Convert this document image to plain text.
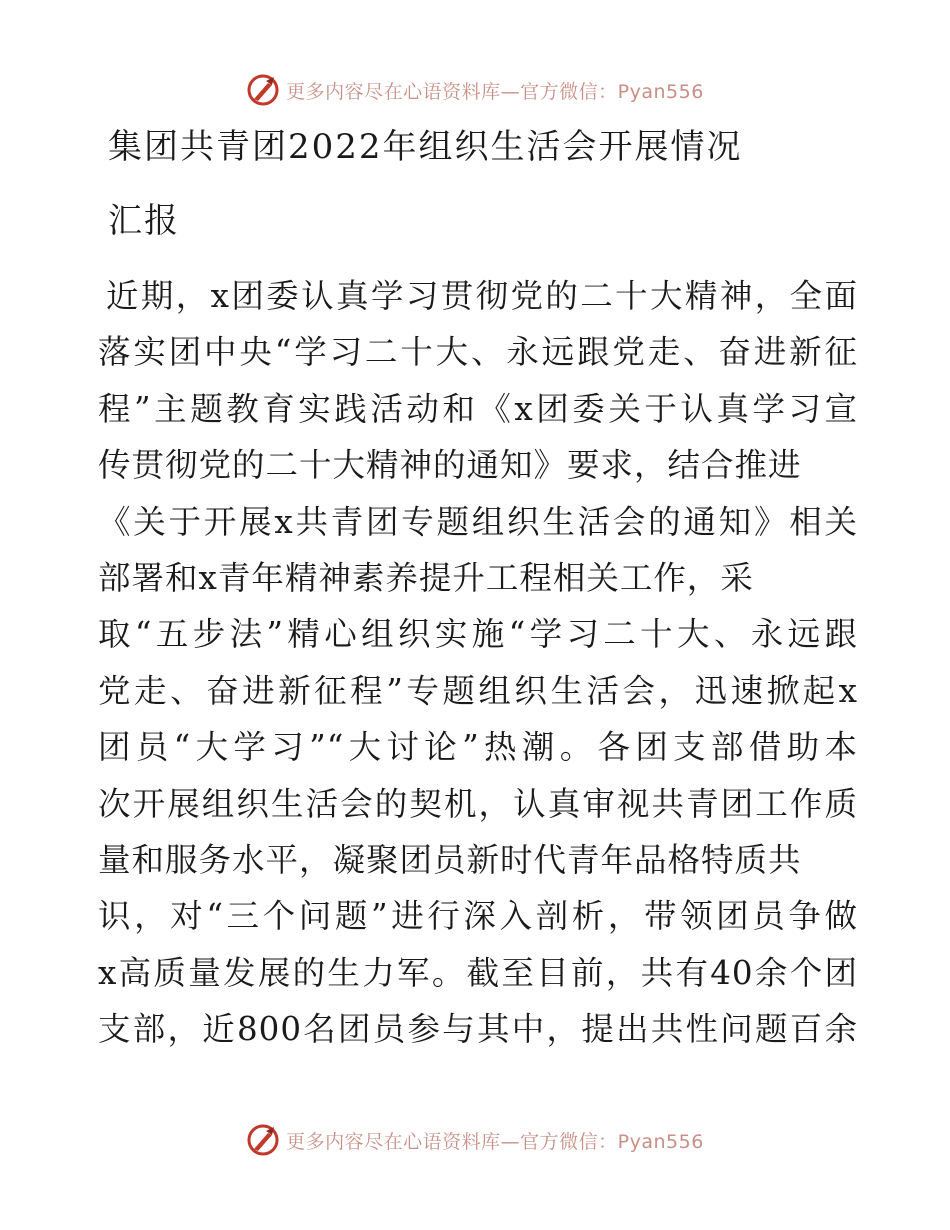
更多内容尽在心语资料库—官方微信：Pyan556
集团共青团2022年组织生活会开展情况
汇报
近期，x团委认真学习贯彻党的二十大精神，全面
落实团中央“学习二十大、永远跟党走、奋进新征
程”主题教育实践活动和《x团委关于认真学习宣
传贯彻党的二十大精神的通知》要求，结合推进
《关于开展x共青团专题组织生活会的通知》相关
部署和x青年精神素养提升工程相关工作，采
取“五步法”精心组织实施“学习二十大、永远跟
党走、奋进新征程”专题组织生活会，迅速掀起x
团员“大学习”“大讨论”热潮。各团支部借助本
次开展组织生活会的契机，认真审视共青团工作质
量和服务水平，凝聚团员新时代青年品格特质共
识，对“三个问题”进行深入剖析，带领团员争做
x高质量发展的生力军。截至目前，共有40余个团
支部，近800名团员参与其中，提出共性问题百余
更多内容尽在心语资料库—官方微信：Pyan556
